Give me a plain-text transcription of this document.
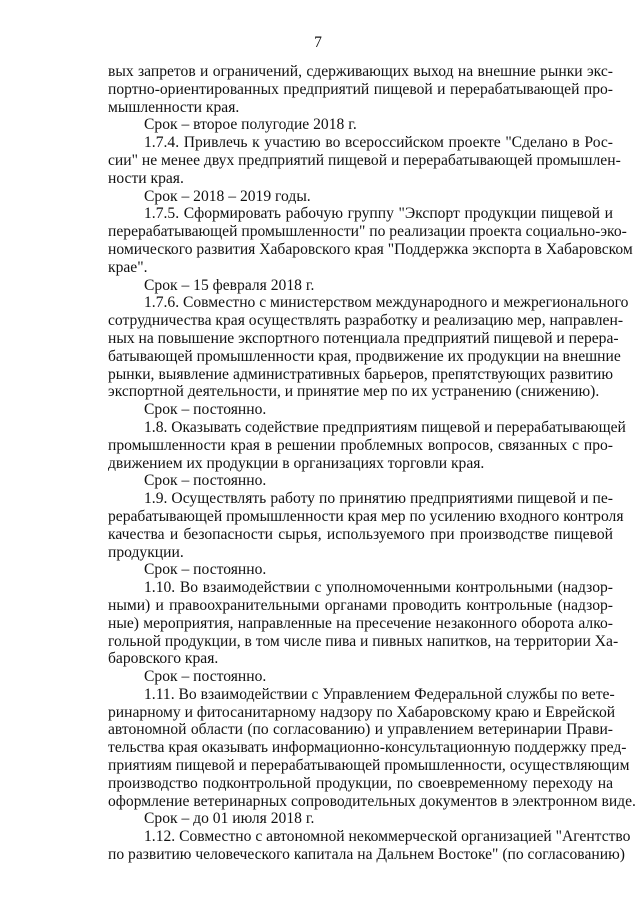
7
вых запретов и ограничений, сдерживающих выход на внешние рынки экс-
портно-ориентированных предприятий пищевой и перерабатывающей про-
мышленности края.
Срок – второе полугодие 2018 г.
1.7.4. Привлечь к участию во всероссийском проекте "Сделано в Рос-
сии" не менее двух предприятий пищевой и перерабатывающей промышлен-
ности края.
Срок – 2018 – 2019 годы.
1.7.5. Сформировать рабочую группу "Экспорт продукции пищевой и
перерабатывающей промышленности" по реализации проекта социально-эко-
номического развития Хабаровского края "Поддержка экспорта в Хабаровском
крае".
Срок – 15 февраля 2018 г.
1.7.6. Совместно с министерством международного и межрегионального
сотрудничества края осуществлять разработку и реализацию мер, направлен-
ных на повышение экспортного потенциала предприятий пищевой и перера-
батывающей промышленности края, продвижение их продукции на внешние
рынки, выявление административных барьеров, препятствующих развитию
экспортной деятельности, и принятие мер по их устранению (снижению).
Срок – постоянно.
1.8. Оказывать содействие предприятиям пищевой и перерабатывающей
промышленности края в решении проблемных вопросов, связанных с про-
движением их продукции в организациях торговли края.
Срок – постоянно.
1.9. Осуществлять работу по принятию предприятиями пищевой и пе-
рерабатывающей промышленности края мер по усилению входного контроля
качества и безопасности сырья, используемого при производстве пищевой
продукции.
Срок – постоянно.
1.10. Во взаимодействии с уполномоченными контрольными (надзор-
ными) и правоохранительными органами проводить контрольные (надзор-
ные) мероприятия, направленные на пресечение незаконного оборота алко-
гольной продукции, в том числе пива и пивных напитков, на территории Ха-
баровского края.
Срок – постоянно.
1.11. Во взаимодействии с Управлением Федеральной службы по вете-
ринарному и фитосанитарному надзору по Хабаровскому краю и Еврейской
автономной области (по согласованию) и управлением ветеринарии Прави-
тельства края оказывать информационно-консультационную поддержку пред-
приятиям пищевой и перерабатывающей промышленности, осуществляющим
производство подконтрольной продукции, по своевременному переходу на
оформление ветеринарных сопроводительных документов в электронном виде.
Срок – до 01 июля 2018 г.
1.12. Совместно с автономной некоммерческой организацией "Агентство
по развитию человеческого капитала на Дальнем Востоке" (по согласованию)
